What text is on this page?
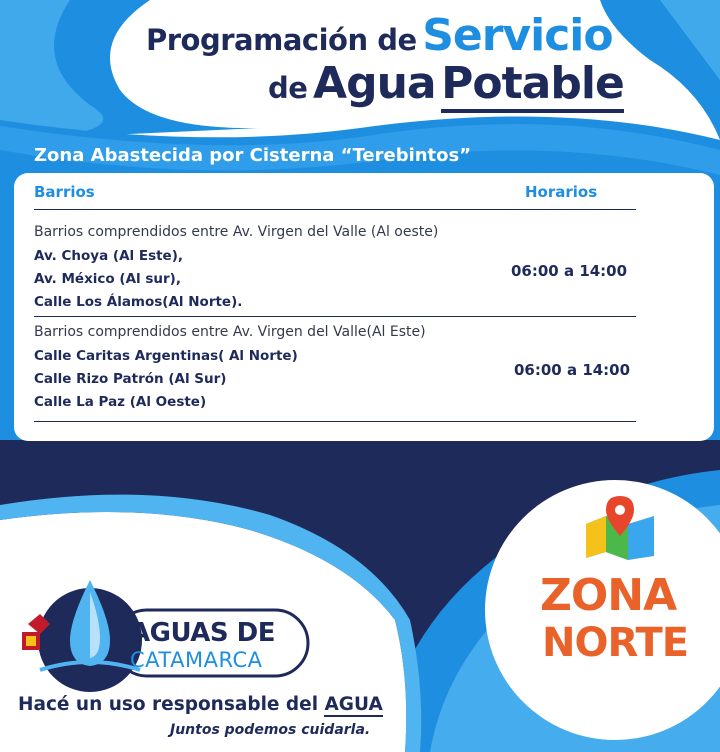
Programación de Servicio
de Agua Potable
Zona Abastecida por Cisterna “Terebintos”
Barrios	Horarios
Barrios comprendidos entre Av. Virgen del Valle (Al oeste)
Av. Choya (Al Este),
Av. México (Al sur),
Calle Los Álamos(Al Norte).
06:00 a 14:00
Barrios comprendidos entre Av. Virgen del Valle(Al Este)
Calle Caritas Argentinas( Al Norte)
Calle Rizo Patrón (Al Sur)
Calle La Paz (Al Oeste)
06:00 a 14:00
AGUAS DE
CATAMARCA
Hacé un uso responsable del AGUA
Juntos podemos cuidarla.
ZONA
NORTE
